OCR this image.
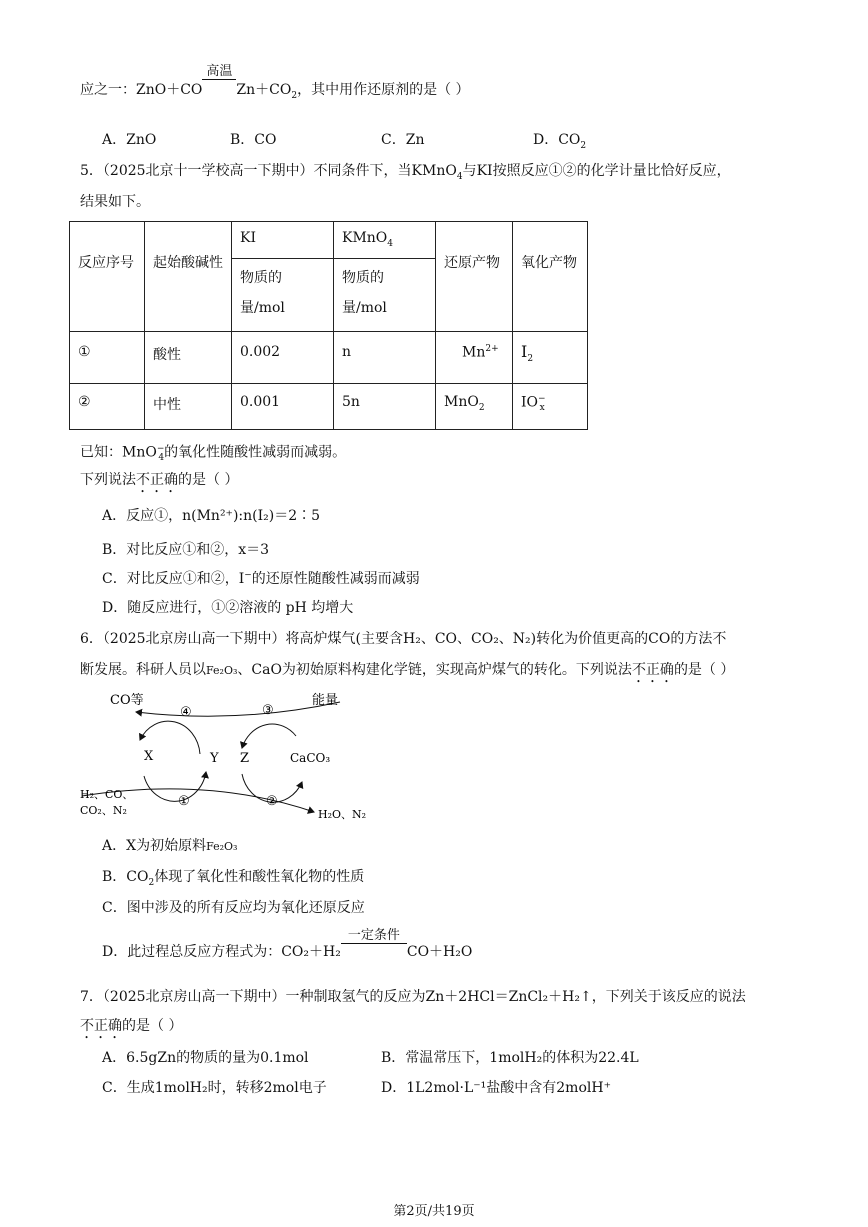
应之一：ZnO＋CO
高温
$Zn+CO_2$，其中用作还原剂的是（ ）
A．ZnO	B．CO	C．Zn	D．$CO_2$
5．（2025北京十一学校高一下期中）不同条件下，当KMnO$_4$与KI按照反应①②的化学计量比恰好反应，
结果如下。
反应序号	起始酸碱性	KI	KMnO$_4$	还原产物	氧化产物
		物质的量/mol	物质的量/mol		
①	酸性	0.002	n	$Mn^{2+}$	$I_2$
②	中性	0.001	5n	MnO$_2$	$IO^-_x$
已知：MnO−$_4$的氧化性随酸性减弱而减弱。
下列说法不正确的是（ ）
A．反应①，n(Mn²⁺):n(I₂)＝2∶5
B．对比反应①和②，x＝3
C．对比反应①和②，I−的还原性随酸性减弱而减弱
D．随反应进行，①②溶液的 pH 均增大
6．（2025北京房山高一下期中）将高炉煤气(主要含H₂、CO、CO₂、N₂)转化为价值更高的CO的方法不
断发展。科研人员以Fe₂O₃、CaO为初始原料构建化学链，实现高炉煤气的转化。下列说法不正确的是（ ）
CO等	能量
④	③
X	Y Z	CaCO₃
①	②
H₂、CO、
CO₂、N₂	H₂O、N₂
A．X为初始原料Fe₂O₃
B．$CO_2$体现了氧化性和酸性氧化物的性质
C．图中涉及的所有反应均为氧化还原反应
D．此过程总反应方程式为：CO₂＋H₂
一定条件
CO＋H₂O
7．（2025北京房山高一下期中）一种制取氢气的反应为Zn＋2HCl＝ZnCl₂＋H₂↑，下列关于该反应的说法
不正确的是（ ）
A．6.5gZn的物质的量为0.1mol	B．常温常压下，1molH₂的体积为22.4L
C．生成1molH₂时，转移2mol电子	D．1L2mol·L⁻¹盐酸中含有2molH⁺
第2页/共19页
